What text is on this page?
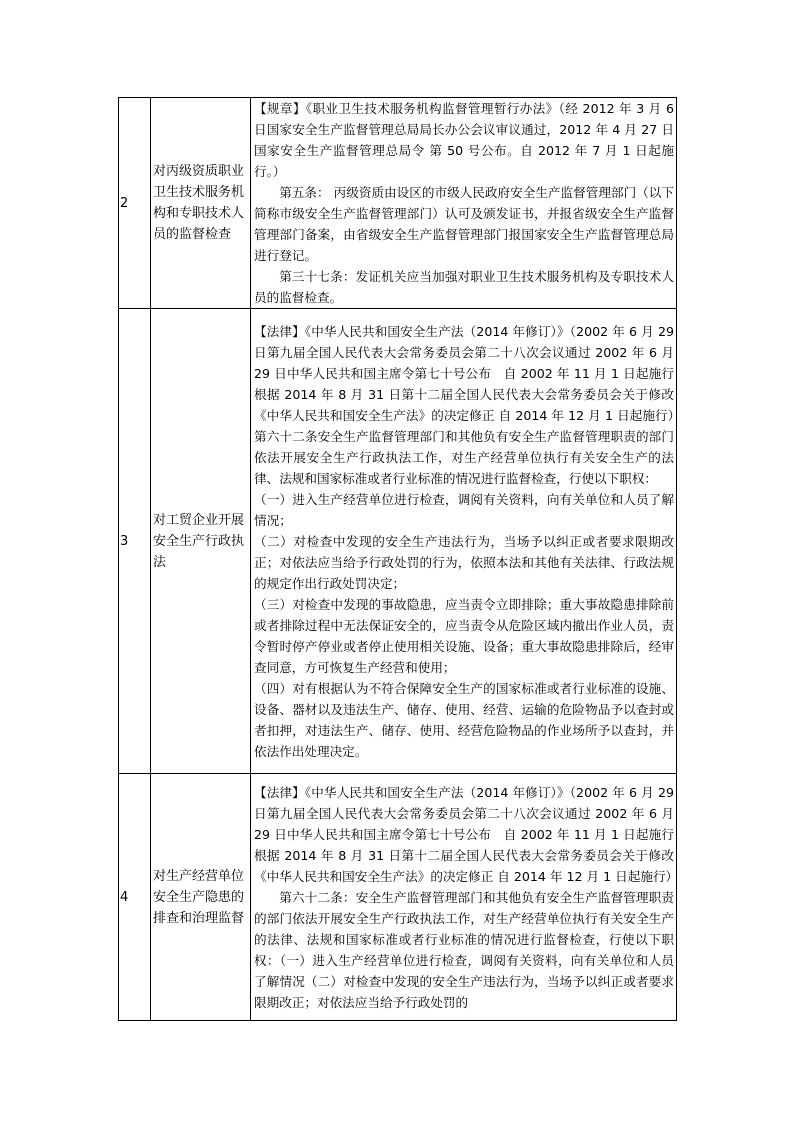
2	对丙级资质职业卫生技术服务机构和专职技术人员的监督检查	【规章】《职业卫生技术服务机构监督管理暂行办法》（经 2012 年 3 月 6 日国家安全生产监督管理总局局长办公会议审议通过，2012 年 4 月 27 日国家安全生产监督管理总局令 第 50 号公布。自 2012 年 7 月 1 日起施行。）

第五条： 丙级资质由设区的市级人民政府安全生产监督管理部门（以下简称市级安全生产监督管理部门）认可及颁发证书，并报省级安全生产监督管理部门备案，由省级安全生产监督管理部门报国家安全生产监督管理总局进行登记。

第三十七条：发证机关应当加强对职业卫生技术服务机构及专职技术人员的监督检查。

3	对工贸企业开展安全生产行政执法	【法律】《中华人民共和国安全生产法（2014 年修订）》（2002 年 6 月 29 日第九届全国人民代表大会常务委员会第二十八次会议通过 2002 年 6 月 29 日中华人民共和国主席令第七十号公布　自 2002 年 11 月 1 日起施行 根据 2014 年 8 月 31 日第十二届全国人民代表大会常务委员会关于修改《中华人民共和国安全生产法》的决定修正 自 2014 年 12 月 1 日起施行）第六十二条安全生产监督管理部门和其他负有安全生产监督管理职责的部门依法开展安全生产行政执法工作，对生产经营单位执行有关安全生产的法律、法规和国家标准或者行业标准的情况进行监督检查，行使以下职权：

（一）进入生产经营单位进行检查，调阅有关资料，向有关单位和人员了解情况；

（二）对检查中发现的安全生产违法行为，当场予以纠正或者要求限期改正；对依法应当给予行政处罚的行为，依照本法和其他有关法律、行政法规的规定作出行政处罚决定；

（三）对检查中发现的事故隐患，应当责令立即排除；重大事故隐患排除前或者排除过程中无法保证安全的，应当责令从危险区域内撤出作业人员，责令暂时停产停业或者停止使用相关设施、设备；重大事故隐患排除后，经审查同意，方可恢复生产经营和使用；

（四）对有根据认为不符合保障安全生产的国家标准或者行业标准的设施、设备、器材以及违法生产、储存、使用、经营、运输的危险物品予以查封或者扣押，对违法生产、储存、使用、经营危险物品的作业场所予以查封，并依法作出处理决定。

4	对生产经营单位安全生产隐患的排查和治理监督	【法律】《中华人民共和国安全生产法（2014 年修订）》（2002 年 6 月 29 日第九届全国人民代表大会常务委员会第二十八次会议通过 2002 年 6 月 29 日中华人民共和国主席令第七十号公布　自 2002 年 11 月 1 日起施行 根据 2014 年 8 月 31 日第十二届全国人民代表大会常务委员会关于修改《中华人民共和国安全生产法》的决定修正 自 2014 年 12 月 1 日起施行）

第六十二条：安全生产监督管理部门和其他负有安全生产监督管理职责的部门依法开展安全生产行政执法工作，对生产经营单位执行有关安全生产的法律、法规和国家标准或者行业标准的情况进行监督检查，行使以下职权：（一）进入生产经营单位进行检查，调阅有关资料，向有关单位和人员了解情况（二）对检查中发现的安全生产违法行为，当场予以纠正或者要求限期改正；对依法应当给予行政处罚的
